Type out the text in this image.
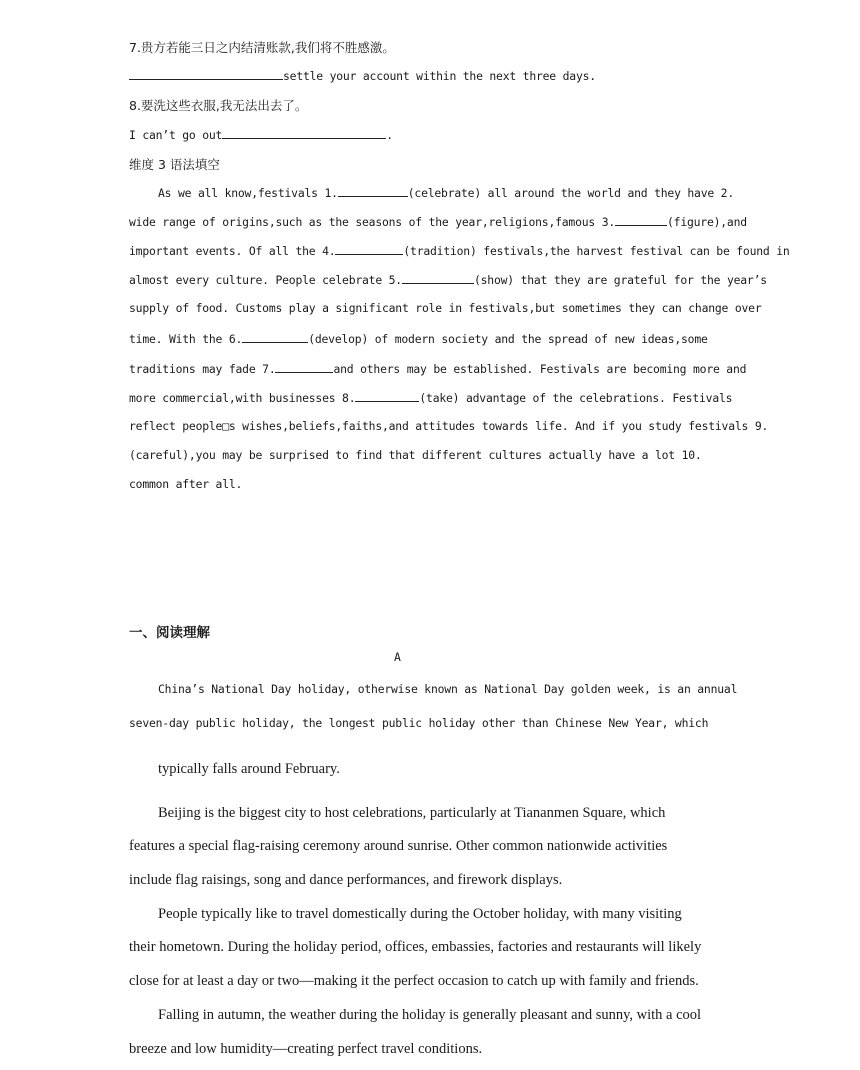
7.贵方若能三日之内结清账款,我们将不胜感激。
settle your account within the next three days.
8.要洗这些衣服,我无法出去了。
I can’t go out	.
维度 3 语法填空
As we all know,festivals 1.	(celebrate) all around the world and they have 2.
wide range of origins,such as the seasons of the year,religions,famous 3.	(figure),and
important events. Of all the 4.	(tradition) festivals,the harvest festival can be found in
almost every culture. People celebrate 5.	(show) that they are grateful for the year’s
supply of food. Customs play a significant role in festivals,but sometimes they can change over
time. With the 6.	(develop) of modern society and the spread of new ideas,some
traditions may fade 7.	and others may be established. Festivals are becoming more and
more commercial,with businesses 8.	(take) advantage of the celebrations. Festivals
reflect people□s wishes,beliefs,faiths,and attitudes towards life. And if you study festivals 9.
(careful),you may be surprised to find that different cultures actually have a lot 10.
common after all.
一、阅读理解
A
China’s National Day holiday, otherwise known as National Day golden week, is an annual
seven-day public holiday, the longest public holiday other than Chinese New Year, which
typically falls around February.
Beijing is the biggest city to host celebrations, particularly at Tiananmen Square, which
features a special flag-raising ceremony around sunrise. Other common nationwide activities
include flag raisings, song and dance performances, and firework displays.
People typically like to travel domestically during the October holiday, with many visiting
their hometown. During the holiday period, offices, embassies, factories and restaurants will likely
close for at least a day or two—making it the perfect occasion to catch up with family and friends.
Falling in autumn, the weather during the holiday is generally pleasant and sunny, with a cool
breeze and low humidity—creating perfect travel conditions.
